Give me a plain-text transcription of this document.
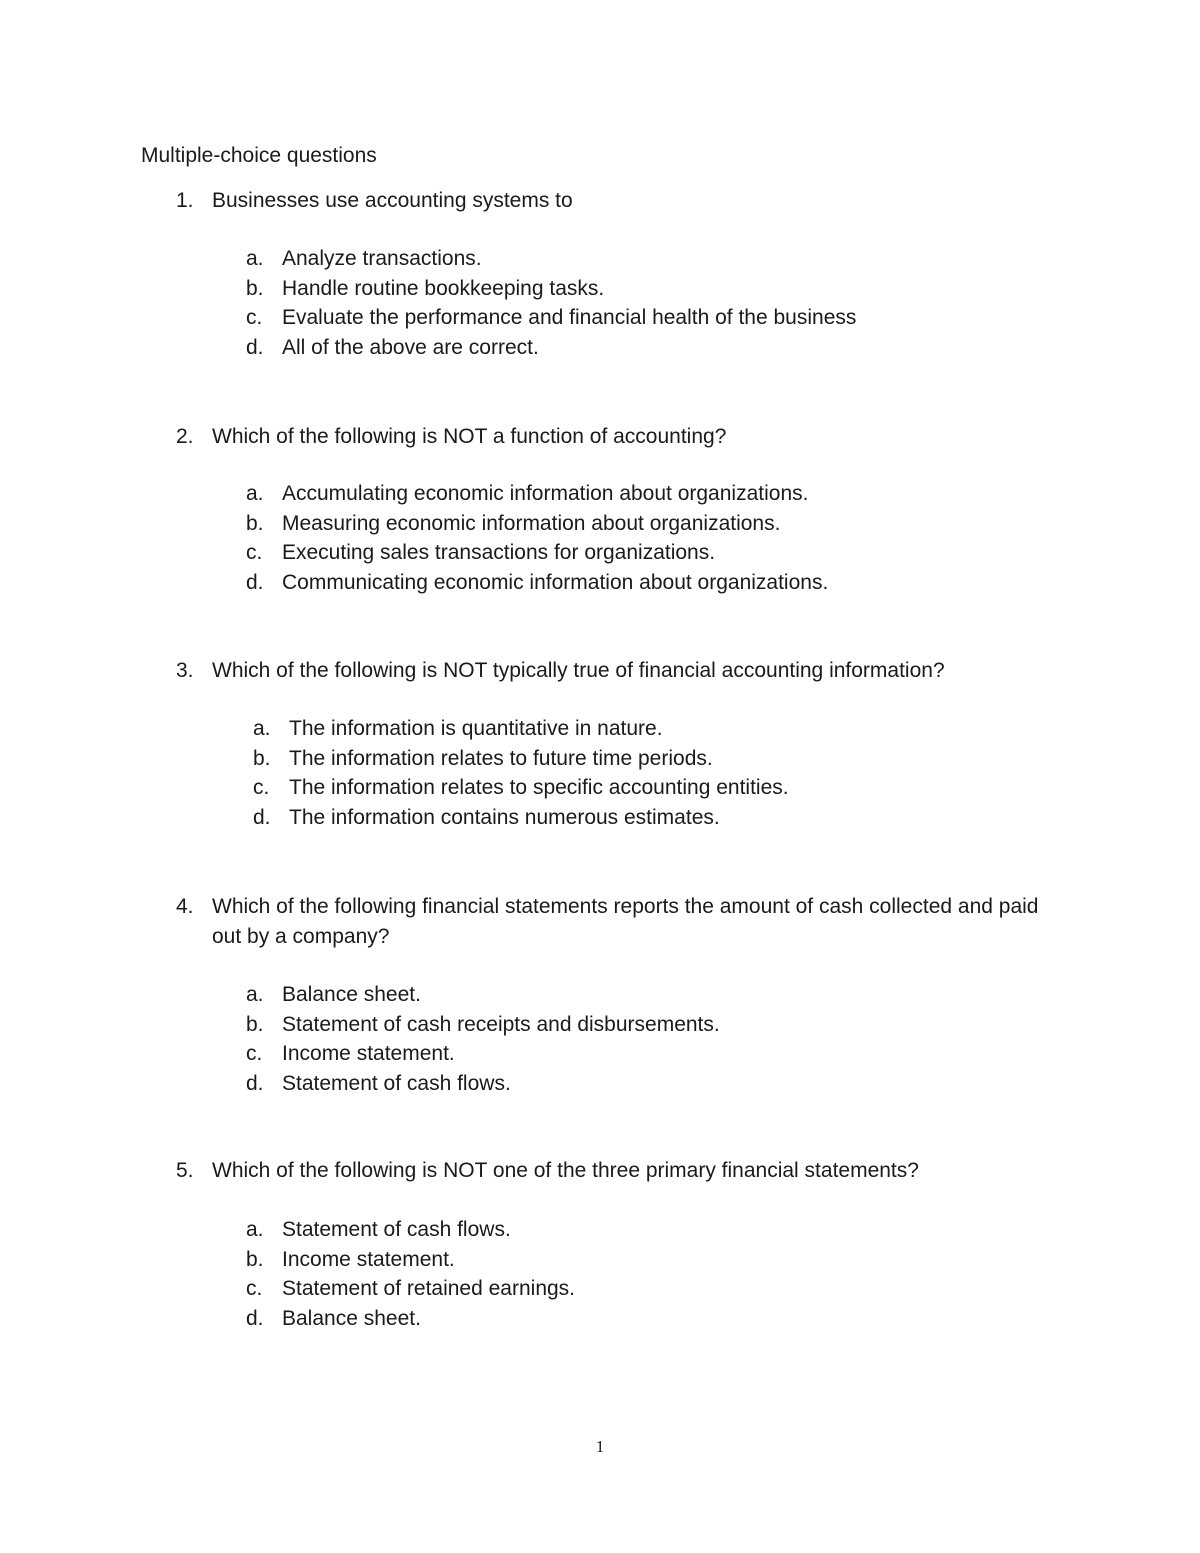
Multiple-choice questions
1. Businesses use accounting systems to
a. Analyze transactions.
b. Handle routine bookkeeping tasks.
c. Evaluate the performance and financial health of the business
d. All of the above are correct.
2. Which of the following is NOT a function of accounting?
a. Accumulating economic information about organizations.
b. Measuring economic information about organizations.
c. Executing sales transactions for organizations.
d. Communicating economic information about organizations.
3. Which of the following is NOT typically true of financial accounting information?
a. The information is quantitative in nature.
b. The information relates to future time periods.
c. The information relates to specific accounting entities.
d. The information contains numerous estimates.
4. Which of the following financial statements reports the amount of cash collected and paid out by a company?
a. Balance sheet.
b. Statement of cash receipts and disbursements.
c. Income statement.
d. Statement of cash flows.
5. Which of the following is NOT one of the three primary financial statements?
a. Statement of cash flows.
b. Income statement.
c. Statement of retained earnings.
d. Balance sheet.
1
